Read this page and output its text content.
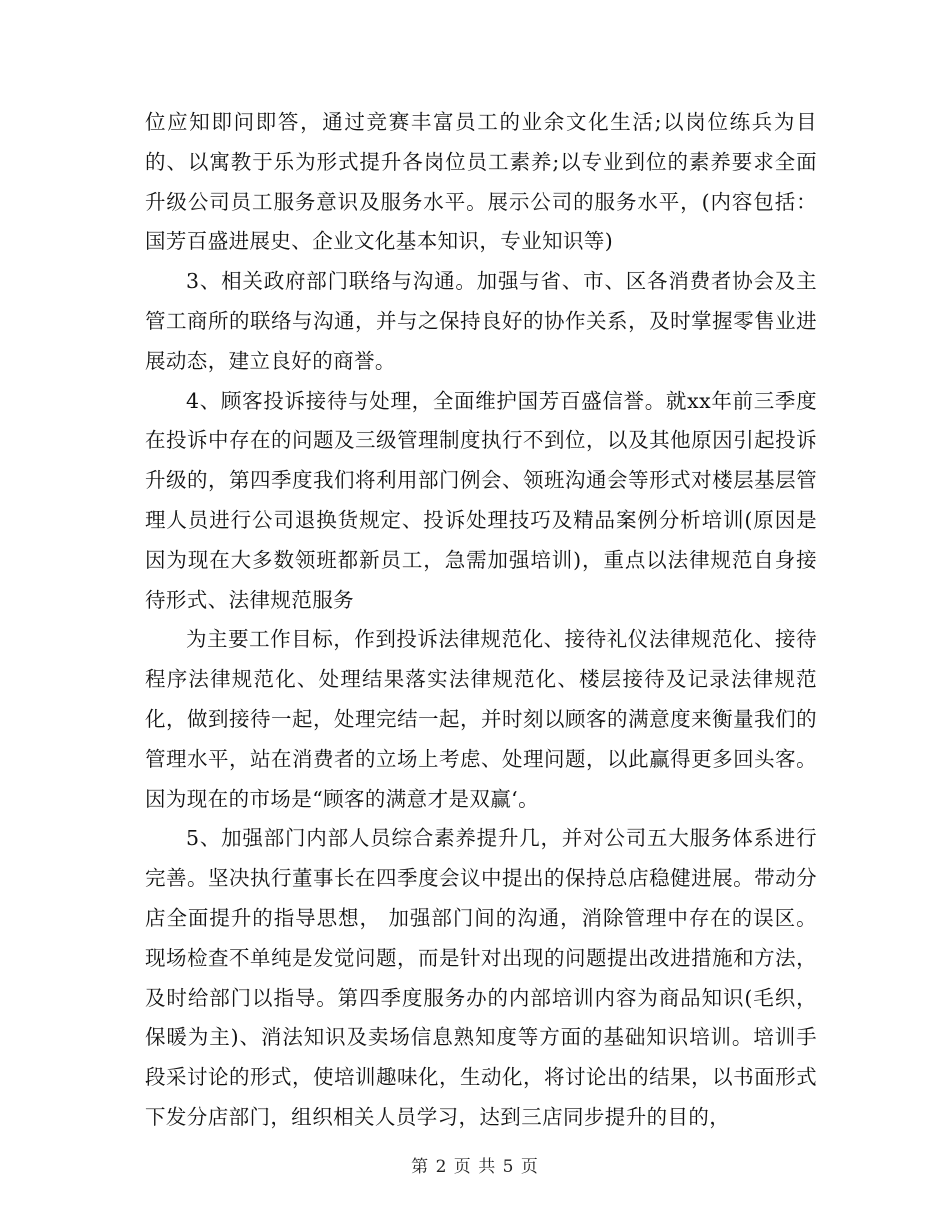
位应知即问即答，通过竞赛丰富员工的业余文化生活;以岗位练兵为目的、以寓教于乐为形式提升各岗位员工素养;以专业到位的素养要求全面升级公司员工服务意识及服务水平。展示公司的服务水平，(内容包括：国芳百盛进展史、企业文化基本知识，专业知识等)

3、相关政府部门联络与沟通。加强与省、市、区各消费者协会及主管工商所的联络与沟通，并与之保持良好的协作关系，及时掌握零售业进展动态，建立良好的商誉。

4、顾客投诉接待与处理，全面维护国芳百盛信誉。就xx年前三季度在投诉中存在的问题及三级管理制度执行不到位，以及其他原因引起投诉升级的，第四季度我们将利用部门例会、领班沟通会等形式对楼层基层管理人员进行公司退换货规定、投诉处理技巧及精品案例分析培训(原因是因为现在大多数领班都新员工，急需加强培训)，重点以法律规范自身接待形式、法律规范服务

为主要工作目标，作到投诉法律规范化、接待礼仪法律规范化、接待程序法律规范化、处理结果落实法律规范化、楼层接待及记录法律规范化，做到接待一起，处理完结一起，并时刻以顾客的满意度来衡量我们的管理水平，站在消费者的立场上考虑、处理问题，以此赢得更多回头客。因为现在的市场是“顾客的满意才是双赢‘。

5、加强部门内部人员综合素养提升几，并对公司五大服务体系进行完善。坚决执行董事长在四季度会议中提出的保持总店稳健进展。带动分店全面提升的指导思想， 加强部门间的沟通，消除管理中存在的误区。现场检查不单纯是发觉问题，而是针对出现的问题提出改进措施和方法，及时给部门以指导。第四季度服务办的内部培训内容为商品知识(毛织，保暖为主)、消法知识及卖场信息熟知度等方面的基础知识培训。培训手段采讨论的形式，使培训趣味化，生动化，将讨论出的结果，以书面形式下发分店部门，组织相关人员学习，达到三店同步提升的目的，

第 2 页 共 5 页
